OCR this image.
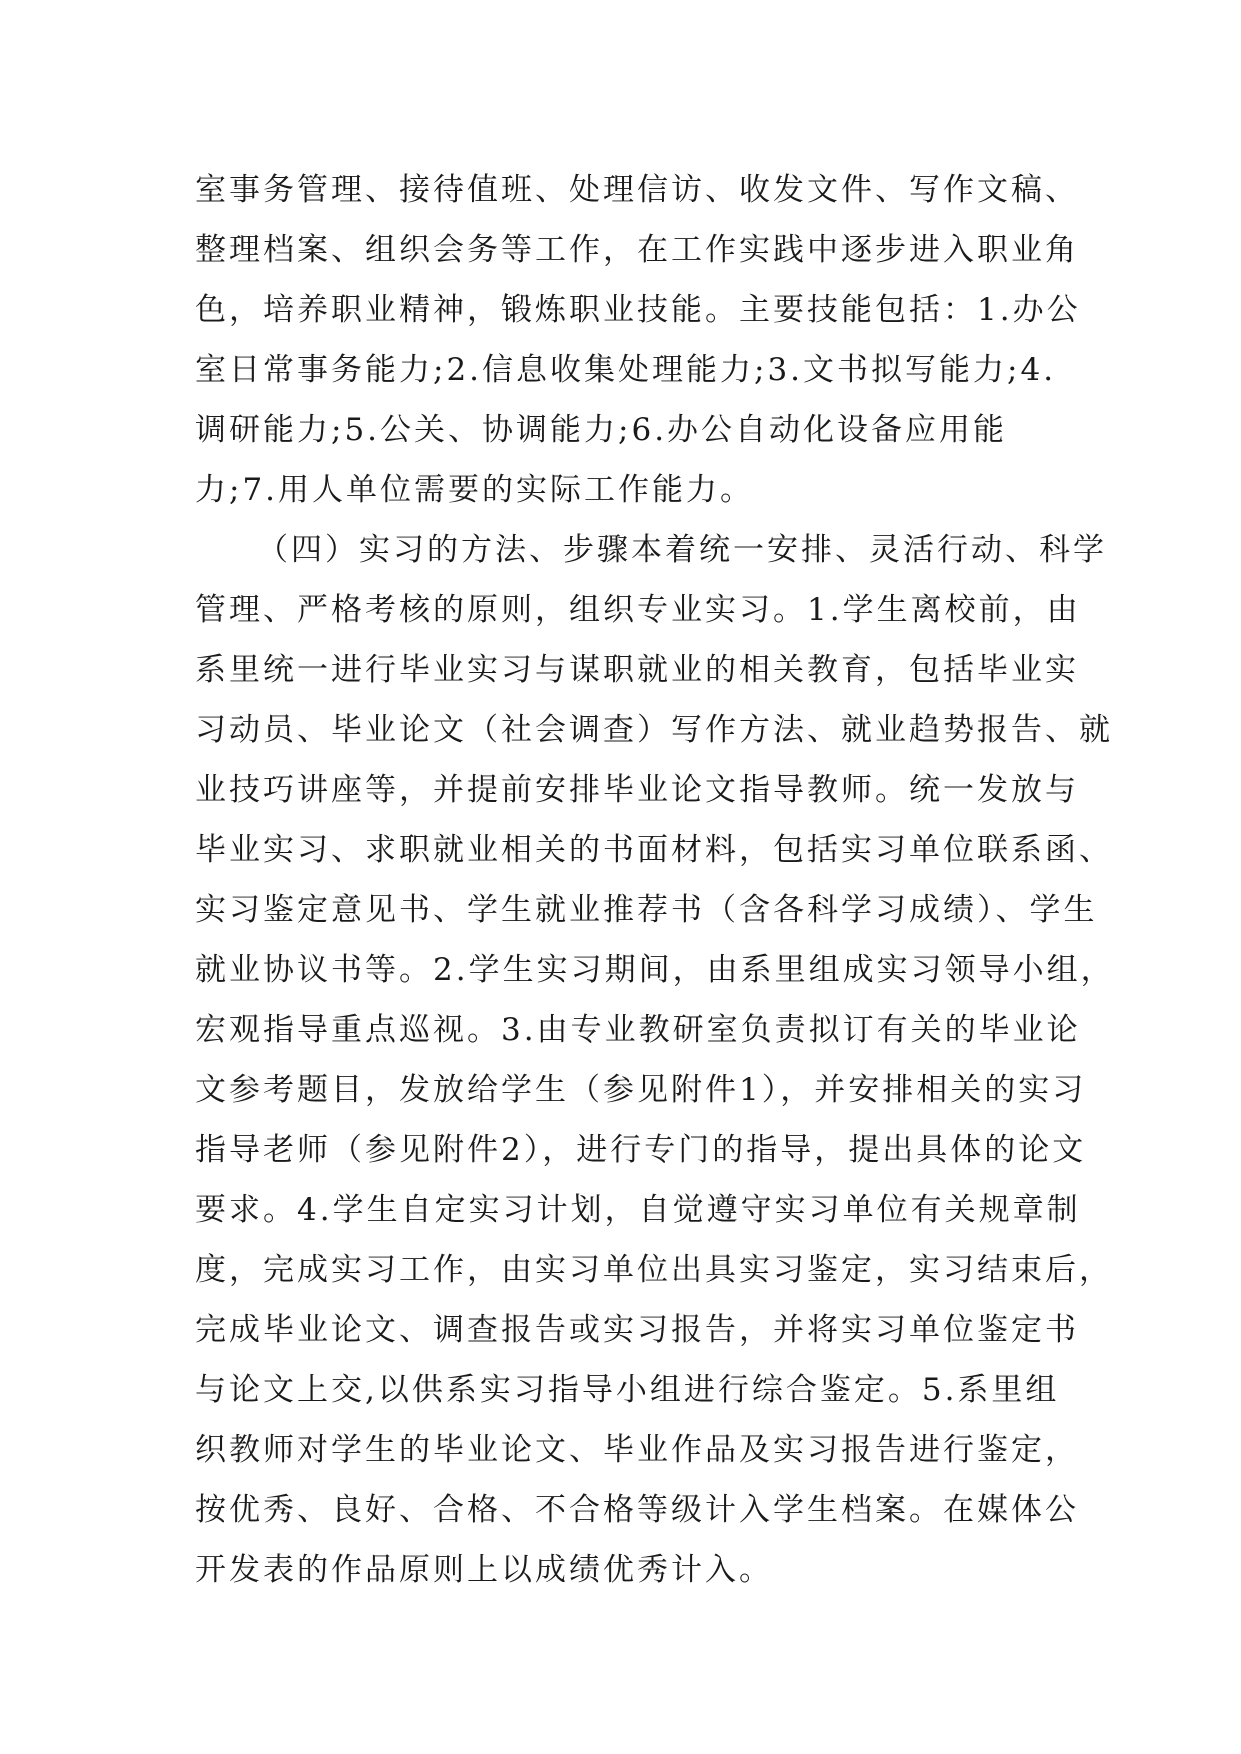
室事务管理、接待值班、处理信访、收发文件、写作文稿、
整理档案、组织会务等工作，在工作实践中逐步进入职业角
色，培养职业精神，锻炼职业技能。主要技能包括：1.办公
室日常事务能力;2.信息收集处理能力;3.文书拟写能力;4.
调研能力;5.公关、协调能力;6.办公自动化设备应用能
力;7.用人单位需要的实际工作能力。
（四）实习的方法、步骤本着统一安排、灵活行动、科学
管理、严格考核的原则，组织专业实习。1.学生离校前，由
系里统一进行毕业实习与谋职就业的相关教育，包括毕业实
习动员、毕业论文（社会调查）写作方法、就业趋势报告、就
业技巧讲座等，并提前安排毕业论文指导教师。统一发放与
毕业实习、求职就业相关的书面材料，包括实习单位联系函、
实习鉴定意见书、学生就业推荐书（含各科学习成绩）、学生
就业协议书等。2.学生实习期间，由系里组成实习领导小组，
宏观指导重点巡视。3.由专业教研室负责拟订有关的毕业论
文参考题目，发放给学生（参见附件1），并安排相关的实习
指导老师（参见附件2），进行专门的指导，提出具体的论文
要求。4.学生自定实习计划，自觉遵守实习单位有关规章制
度，完成实习工作，由实习单位出具实习鉴定，实习结束后，
完成毕业论文、调查报告或实习报告，并将实习单位鉴定书
与论文上交,以供系实习指导小组进行综合鉴定。5.系里组
织教师对学生的毕业论文、毕业作品及实习报告进行鉴定，
按优秀、良好、合格、不合格等级计入学生档案。在媒体公
开发表的作品原则上以成绩优秀计入。
